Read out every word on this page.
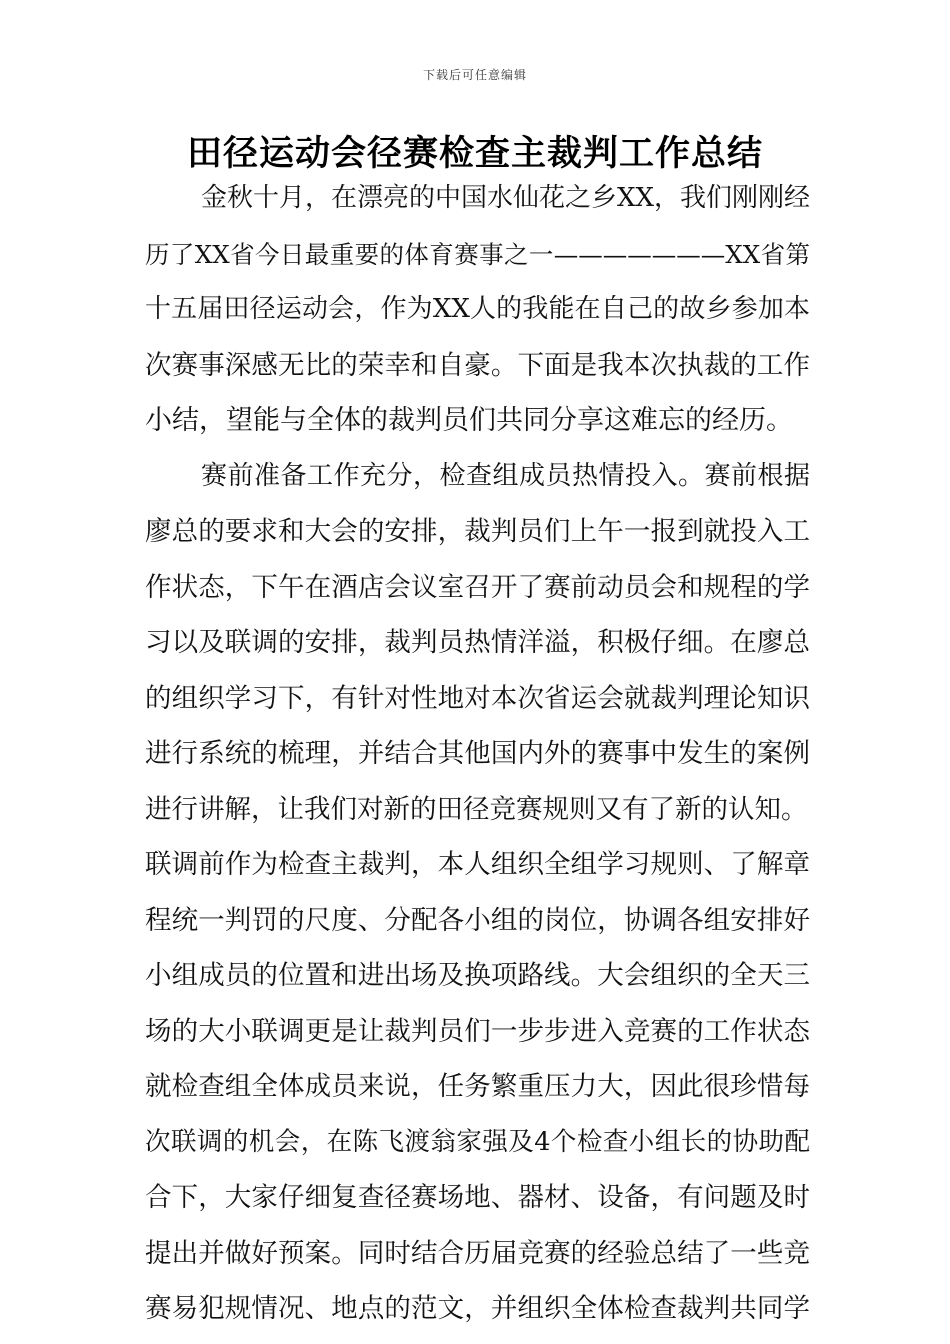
下载后可任意编辑
田径运动会径赛检查主裁判工作总结
金秋十月，在漂亮的中国水仙花之乡XX，我们刚刚经
历了XX省今日最重要的体育赛事之一———————XX省第
十五届田径运动会，作为XX人的我能在自己的故乡参加本
次赛事深感无比的荣幸和自豪。下面是我本次执裁的工作
小结，望能与全体的裁判员们共同分享这难忘的经历。
赛前准备工作充分，检查组成员热情投入。赛前根据
廖总的要求和大会的安排，裁判员们上午一报到就投入工
作状态，下午在酒店会议室召开了赛前动员会和规程的学
习以及联调的安排，裁判员热情洋溢，积极仔细。在廖总
的组织学习下，有针对性地对本次省运会就裁判理论知识
进行系统的梳理，并结合其他国内外的赛事中发生的案例
进行讲解，让我们对新的田径竞赛规则又有了新的认知。
联调前作为检查主裁判，本人组织全组学习规则、了解章
程统一判罚的尺度、分配各小组的岗位，协调各组安排好
小组成员的位置和进出场及换项路线。大会组织的全天三
场的大小联调更是让裁判员们一步步进入竞赛的工作状态
就检查组全体成员来说，任务繁重压力大，因此很珍惜每
次联调的机会，在陈飞渡翁家强及4个检查小组长的协助配
合下，大家仔细复查径赛场地、器材、设备，有问题及时
提出并做好预案。同时结合历届竞赛的经验总结了一些竞
赛易犯规情况、地点的范文，并组织全体检查裁判共同学
